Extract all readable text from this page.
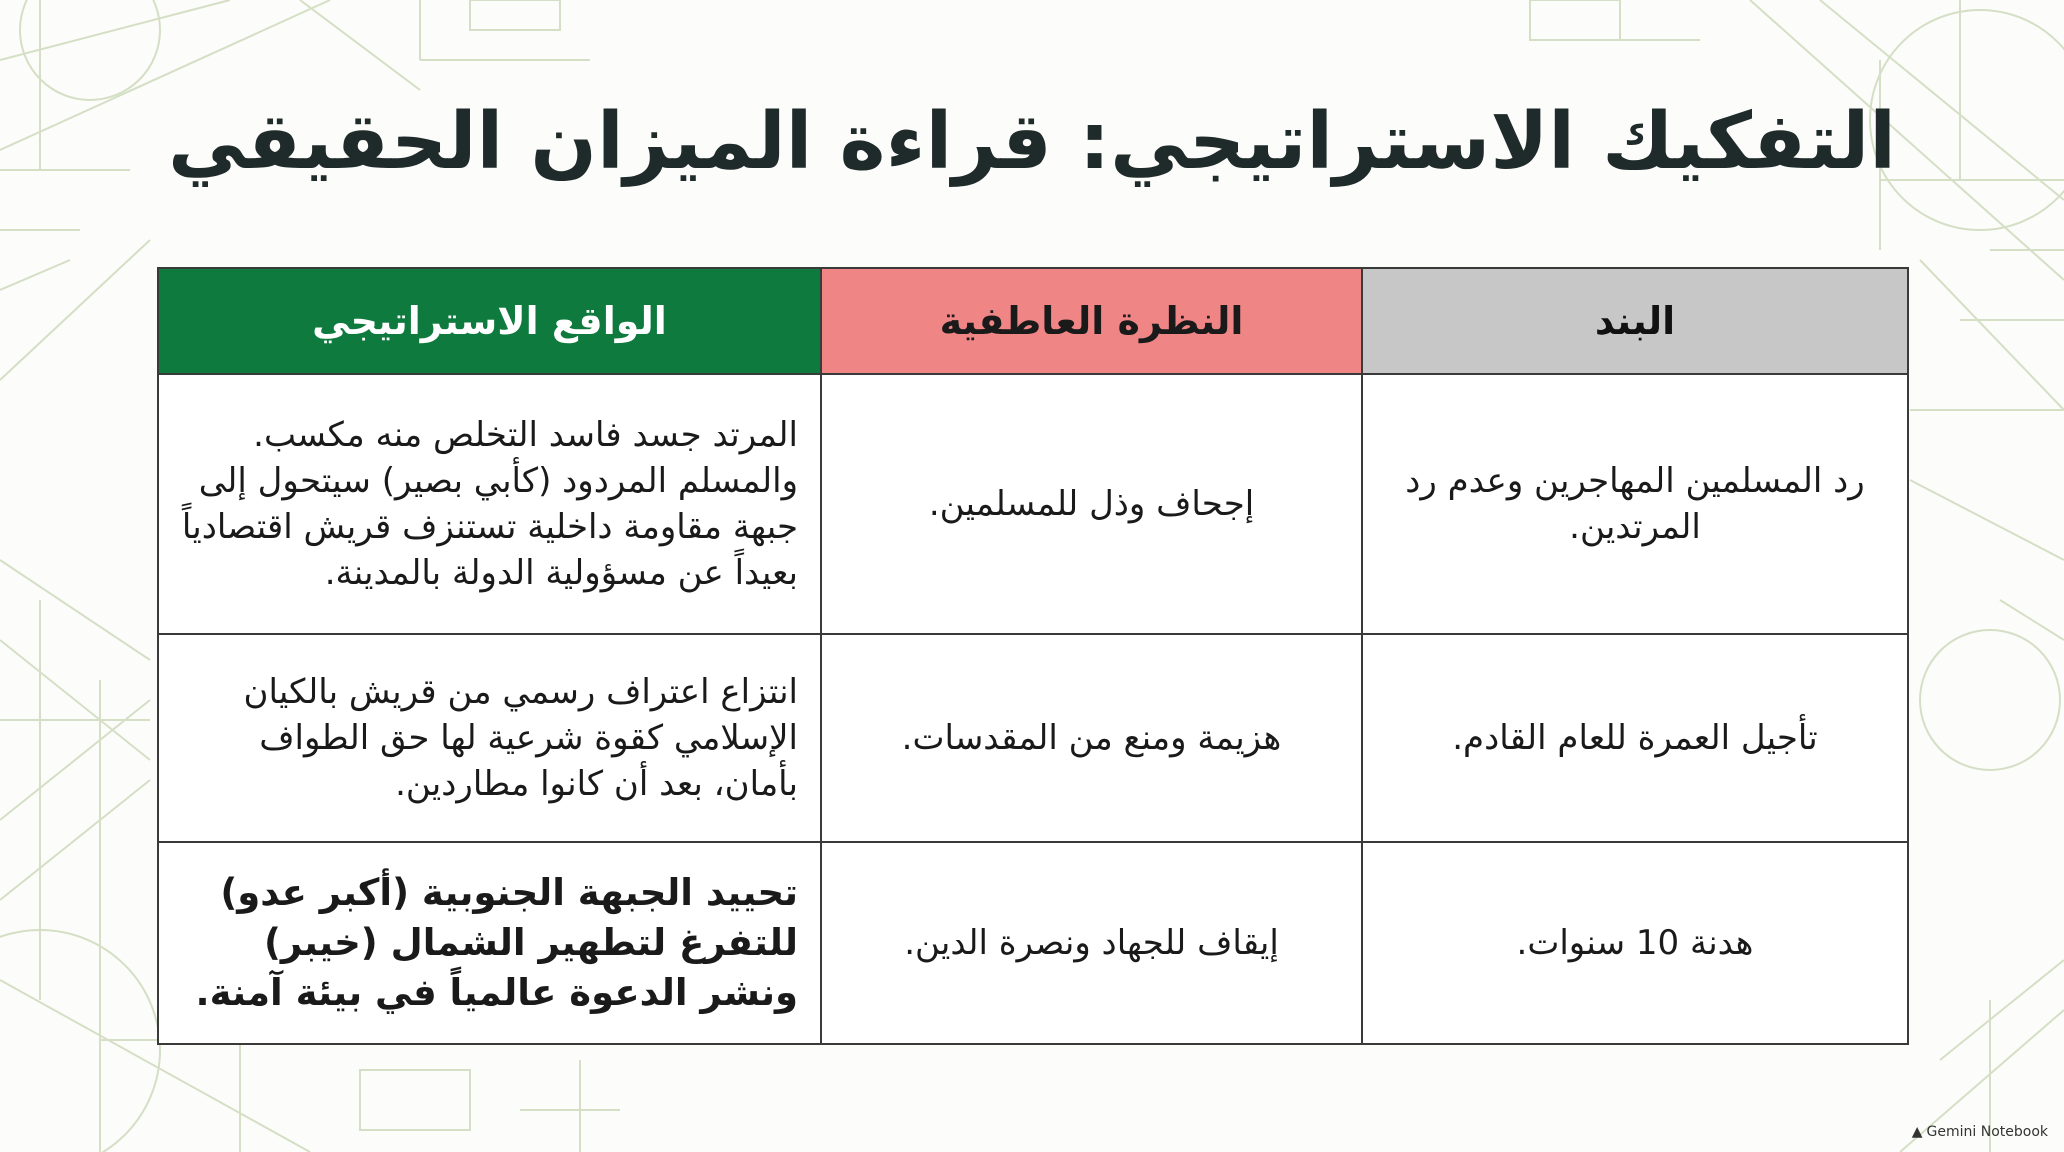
التفكيك الاستراتيجي: قراءة الميزان الحقيقي
البند	النظرة العاطفية	الواقع الاستراتيجي
رد المسلمين المهاجرين وعدم رد المرتدين.	إجحاف وذل للمسلمين.	المرتد جسد فاسد التخلص منه مكسب. والمسلم المردود (كأبي بصير) سيتحول إلى جبهة مقاومة داخلية تستنزف قريش اقتصادياً بعيداً عن مسؤولية الدولة بالمدينة.
تأجيل العمرة للعام القادم.	هزيمة ومنع من المقدسات.	انتزاع اعتراف رسمي من قريش بالكيان الإسلامي كقوة شرعية لها حق الطواف بأمان، بعد أن كانوا مطاردين.
هدنة 10 سنوات.	إيقاف للجهاد ونصرة الدين.	تحييد الجبهة الجنوبية (أكبر عدو) للتفرغ لتطهير الشمال (خيبر) ونشر الدعوة عالمياً في بيئة آمنة.
▲ Gemini Notebook
